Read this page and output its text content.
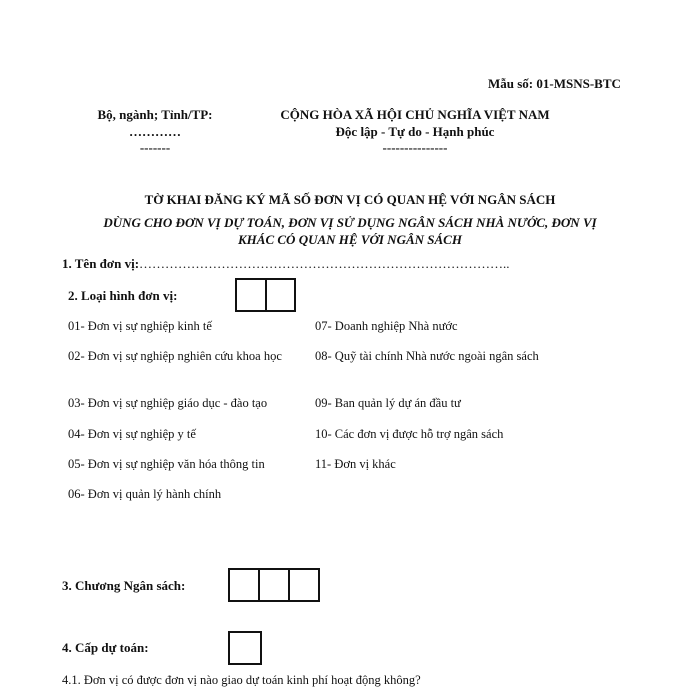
Mẫu số: 01-MSNS-BTC
Bộ, ngành; Tỉnh/TP:
…………
-------
CỘNG HÒA XÃ HỘI CHỦ NGHĨA VIỆT NAM
Độc lập - Tự do - Hạnh phúc
---------------
TỜ KHAI ĐĂNG KÝ MÃ SỐ ĐƠN VỊ CÓ QUAN HỆ VỚI NGÂN SÁCH
DÙNG CHO ĐƠN VỊ DỰ TOÁN, ĐƠN VỊ SỬ DỤNG NGÂN SÁCH NHÀ NƯỚC, ĐƠN VỊ
KHÁC CÓ QUAN HỆ VỚI NGÂN SÁCH
1. Tên đơn vị:…………………………………………………………………………..
2. Loại hình đơn vị:
01- Đơn vị sự nghiệp kinh tế
02- Đơn vị sự nghiệp nghiên cứu khoa học
03- Đơn vị sự nghiệp giáo dục - đào tạo
04- Đơn vị sự nghiệp y tế
05- Đơn vị sự nghiệp văn hóa thông tin
06- Đơn vị quản lý hành chính
07- Doanh nghiệp Nhà nước
08- Quỹ tài chính Nhà nước ngoài ngân sách
09- Ban quản lý dự án đầu tư
10- Các đơn vị được hỗ trợ ngân sách
11- Đơn vị khác
3. Chương Ngân sách:
4. Cấp dự toán:
4.1. Đơn vị có được đơn vị nào giao dự toán kinh phí hoạt động không?
